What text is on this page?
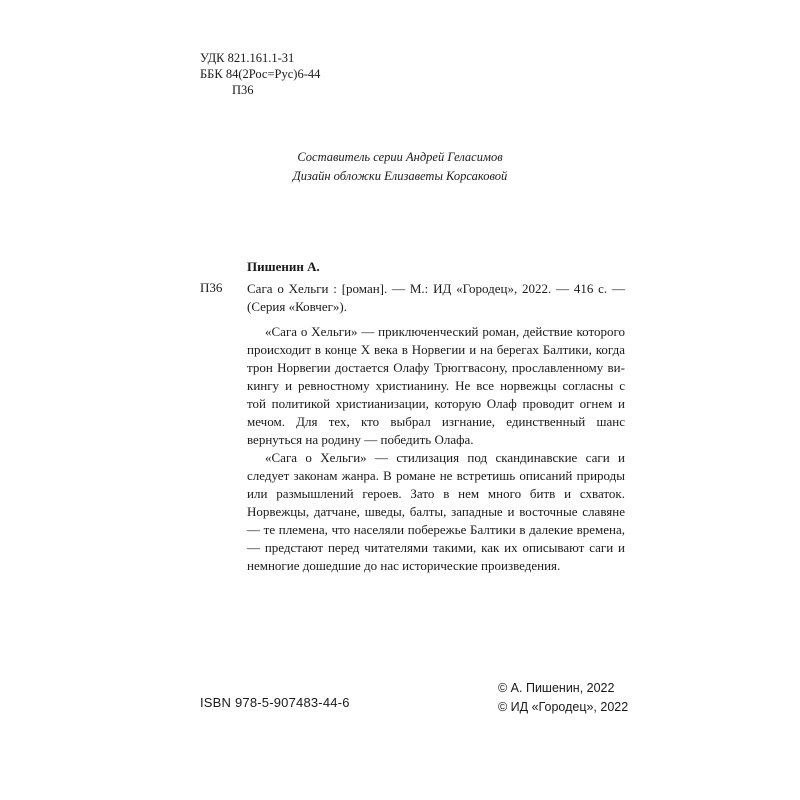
УДК 821.161.1-31
ББК 84(2Рос=Рус)6-44
П36
Составитель серии Андрей Геласимов
Дизайн обложки Елизаветы Корсаковой
Пишенин А.
П36 Сага о Хельги : [роман]. — М.: ИД «Городец», 2022. — 416 с. — (Серия «Ковчег»).

«Сага о Хельги» — приключенческий роман, действие которого происходит в конце X века в Норвегии и на берегах Балтики, когда трон Норвегии достается Олафу Трюггвасону, прославленному викингу и ревностному христианину. Не все норвежцы согласны с той политикой христианизации, которую Олаф проводит огнем и мечом. Для тех, кто выбрал изгнание, единственный шанс вернуться на родину — победить Олафа.

«Сага о Хельги» — стилизация под скандинавские саги и следует законам жанра. В романе не встретишь описаний природы или размышлений героев. Зато в нем много битв и схваток. Норвежцы, датчане, шведы, балты, западные и восточные славяне — те племена, что населяли побережье Балтики в далекие времена, — предстают перед читателями такими, как их описывают саги и немногие дошедшие до нас исторические произведения.

ISBN 978-5-907483-44-6
© А. Пишенин, 2022
© ИД «Городец», 2022
